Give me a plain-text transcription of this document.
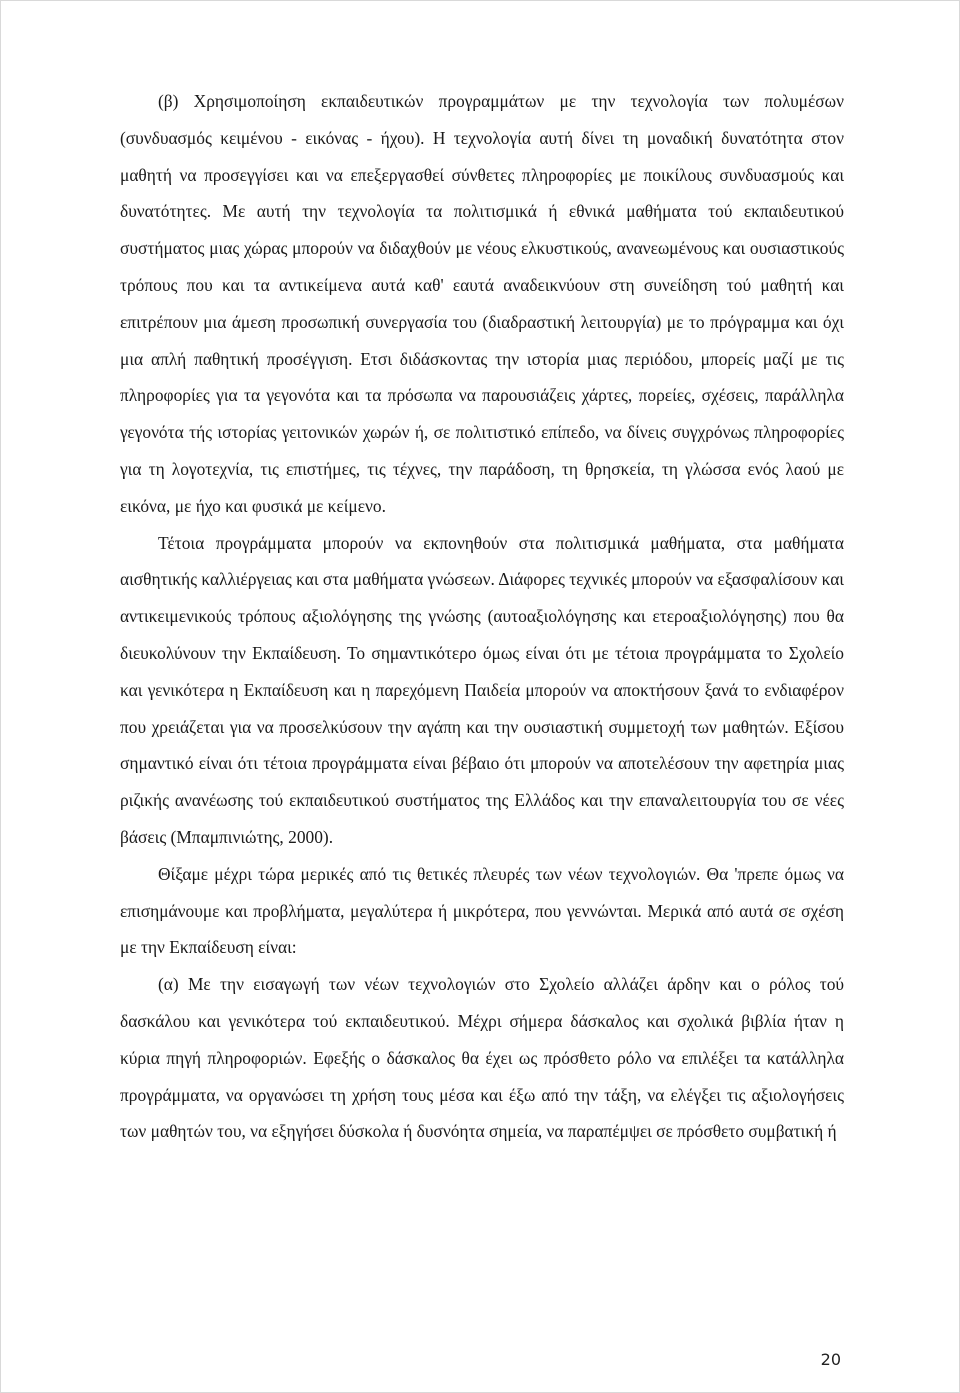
(β) Χρησιμοποίηση εκπαιδευτικών προγραμμάτων με την τεχνολογία των πολυμέσων (συνδυασμός κειμένου - εικόνας - ήχου). Η τεχνολογία αυτή δίνει τη μοναδική δυνατότητα στον μαθητή να προσεγγίσει και να επεξεργασθεί σύνθετες πληροφορίες με ποικίλους συνδυασμούς και δυνατότητες. Με αυτή την τεχνολογία τα πολιτισμικά ή εθνικά μαθήματα τού εκπαιδευτικού συστήματος μιας χώρας μπορούν να διδαχθούν με νέους ελκυστικούς, ανανεωμένους και ουσιαστικούς τρόπους που και τα αντικείμενα αυτά καθ' εαυτά αναδεικνύουν στη συνείδηση τού μαθητή και επιτρέπουν μια άμεση προσωπική συνεργασία του (διαδραστική λειτουργία) με το πρόγραμμα και όχι μια απλή παθητική προσέγγιση. Ετσι διδάσκοντας την ιστορία μιας περιόδου, μπορείς μαζί με τις πληροφορίες για τα γεγονότα και τα πρόσωπα να παρουσιάζεις χάρτες, πορείες, σχέσεις, παράλληλα γεγονότα τής ιστορίας γειτονικών χωρών ή, σε πολιτιστικό επίπεδο, να δίνεις συγχρόνως πληροφορίες για τη λογοτεχνία, τις επιστήμες, τις τέχνες, την παράδοση, τη θρησκεία, τη γλώσσα ενός λαού με εικόνα, με ήχο και φυσικά με κείμενο.

Τέτοια προγράμματα μπορούν να εκπονηθούν στα πολιτισμικά μαθήματα, στα μαθήματα αισθητικής καλλιέργειας και στα μαθήματα γνώσεων. Διάφορες τεχνικές μπορούν να εξασφαλίσουν και αντικειμενικούς τρόπους αξιολόγησης της γνώσης (αυτοαξιολόγησης και ετεροαξιολόγησης) που θα διευκολύνουν την Εκπαίδευση. Το σημαντικότερο όμως είναι ότι με τέτοια προγράμματα το Σχολείο και γενικότερα η Εκπαίδευση και η παρεχόμενη Παιδεία μπορούν να αποκτήσουν ξανά το ενδιαφέρον που χρειάζεται για να προσελκύσουν την αγάπη και την ουσιαστική συμμετοχή των μαθητών. Εξίσου σημαντικό είναι ότι τέτοια προγράμματα είναι βέβαιο ότι μπορούν να αποτελέσουν την αφετηρία μιας ριζικής ανανέωσης τού εκπαιδευτικού συστήματος της Ελλάδος και την επαναλειτουργία του σε νέες βάσεις (Μπαμπινιώτης, 2000).

Θίξαμε μέχρι τώρα μερικές από τις θετικές πλευρές των νέων τεχνολογιών. Θα 'πρεπε όμως να επισημάνουμε και προβλήματα, μεγαλύτερα ή μικρότερα, που γεννώνται. Μερικά από αυτά σε σχέση με την Εκπαίδευση είναι:

(α) Με την εισαγωγή των νέων τεχνολογιών στο Σχολείο αλλάζει άρδην και ο ρόλος τού δασκάλου και γενικότερα τού εκπαιδευτικού. Μέχρι σήμερα δάσκαλος και σχολικά βιβλία ήταν η κύρια πηγή πληροφοριών. Εφεξής ο δάσκαλος θα έχει ως πρόσθετο ρόλο να επιλέξει τα κατάλληλα προγράμματα, να οργανώσει τη χρήση τους μέσα και έξω από την τάξη, να ελέγξει τις αξιολογήσεις των μαθητών του, να εξηγήσει δύσκολα ή δυσνόητα σημεία, να παραπέμψει σε πρόσθετο συμβατική ή

20
